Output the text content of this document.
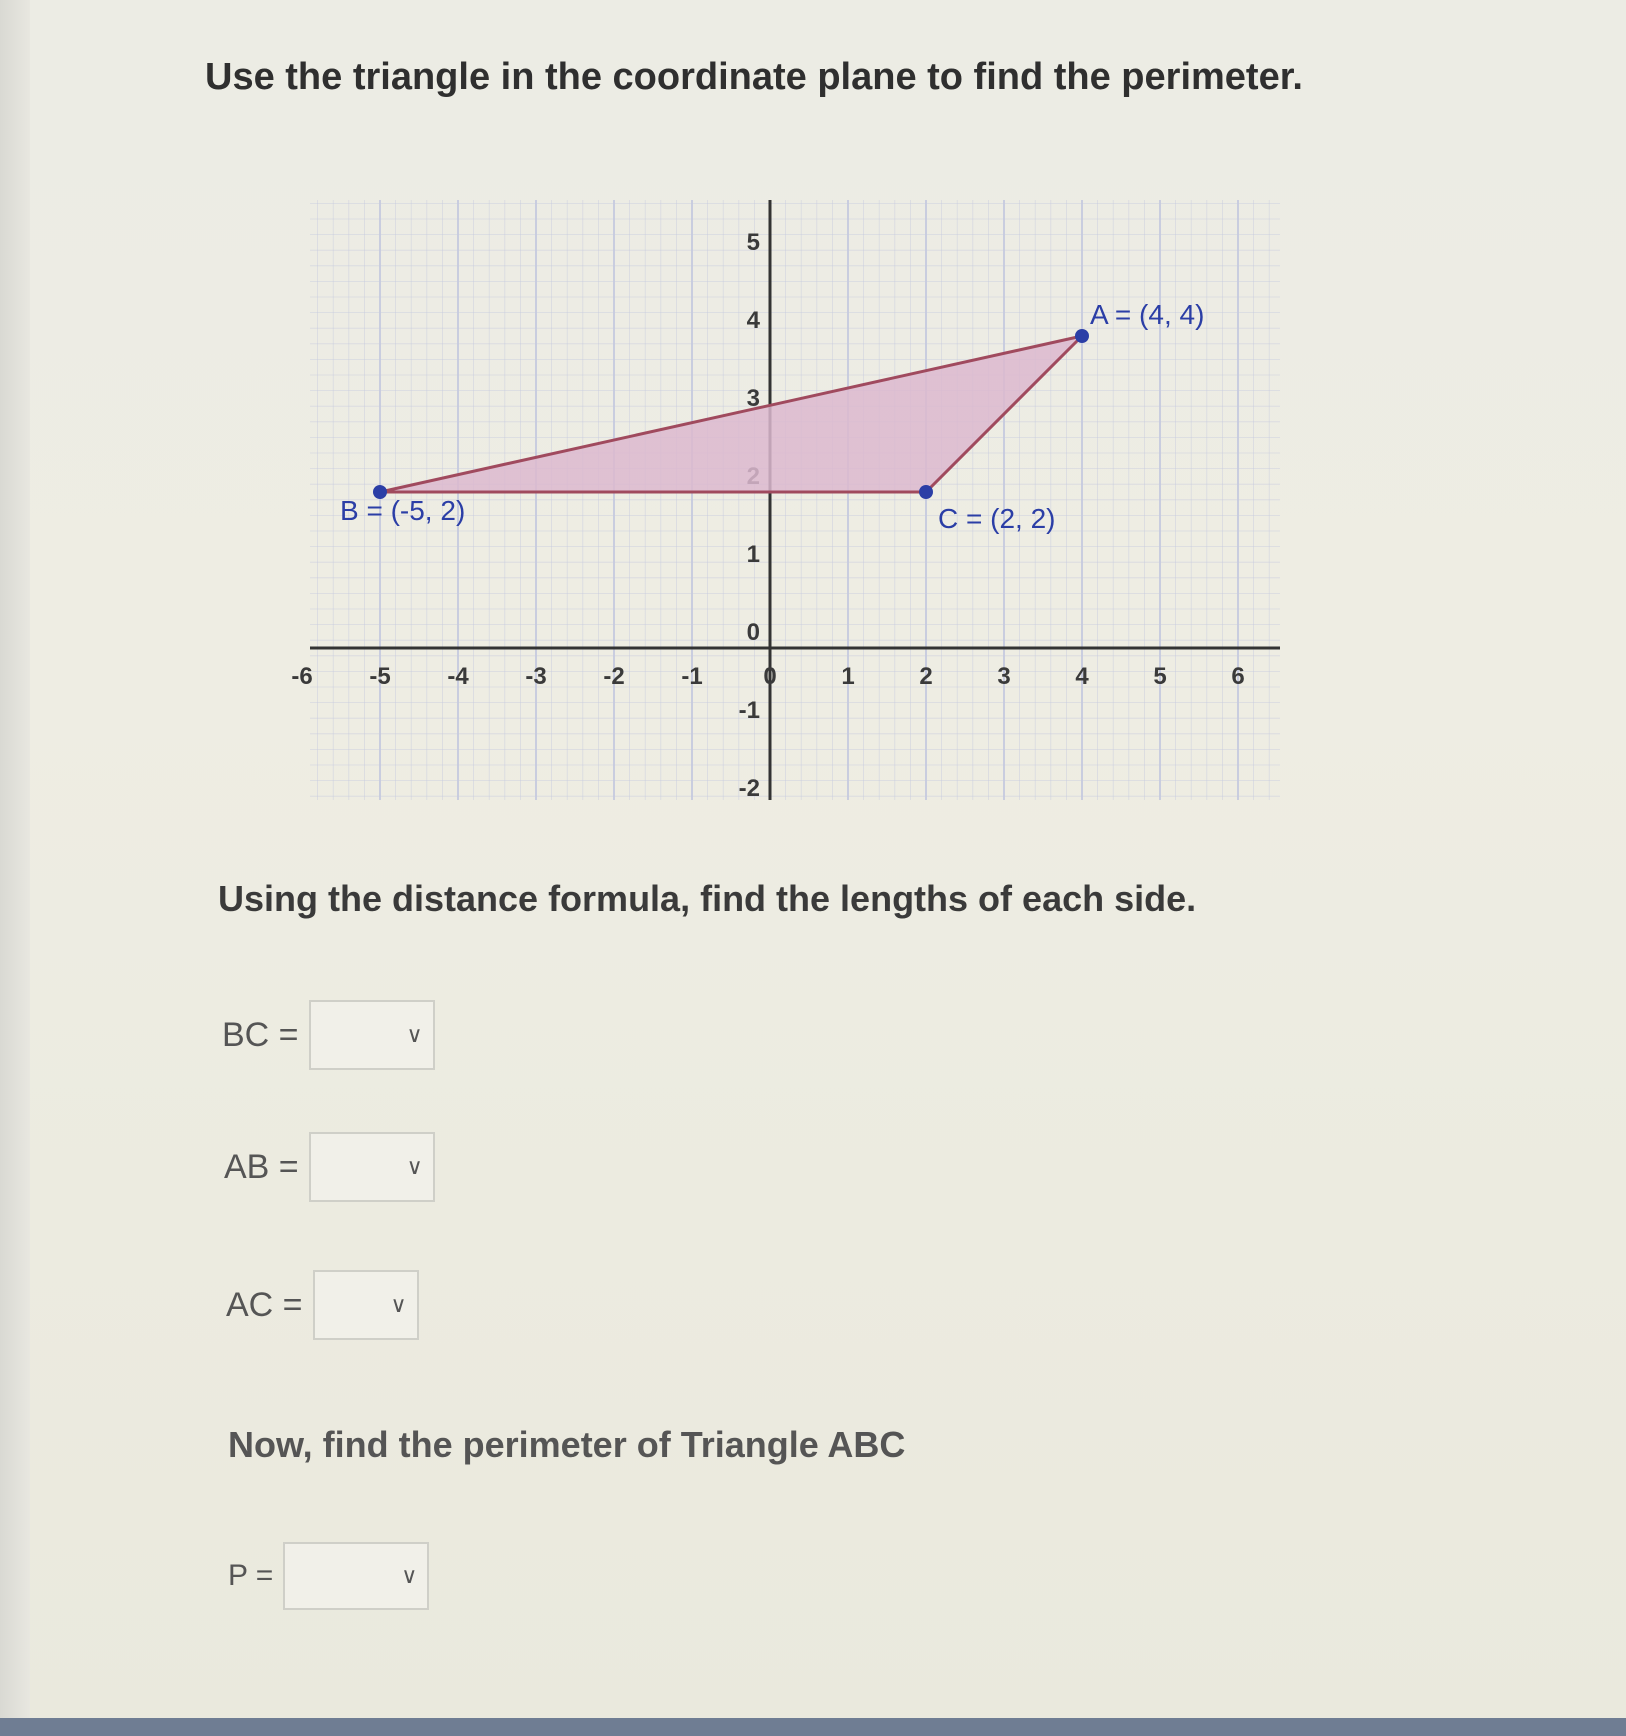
Use the triangle in the coordinate plane to find the perimeter.
-6 -5 -4 -3 -2 -1	0	1	2	3	4	5	6
5
4
3
1
0
-1
-2
A = (4, 4)
B = (-5, 2)	C = (2, 2)
Using the distance formula, find the lengths of each side.
BC =	∨
AB =	∨
AC =	∨
Now, find the perimeter of Triangle ABC
P =	∨
